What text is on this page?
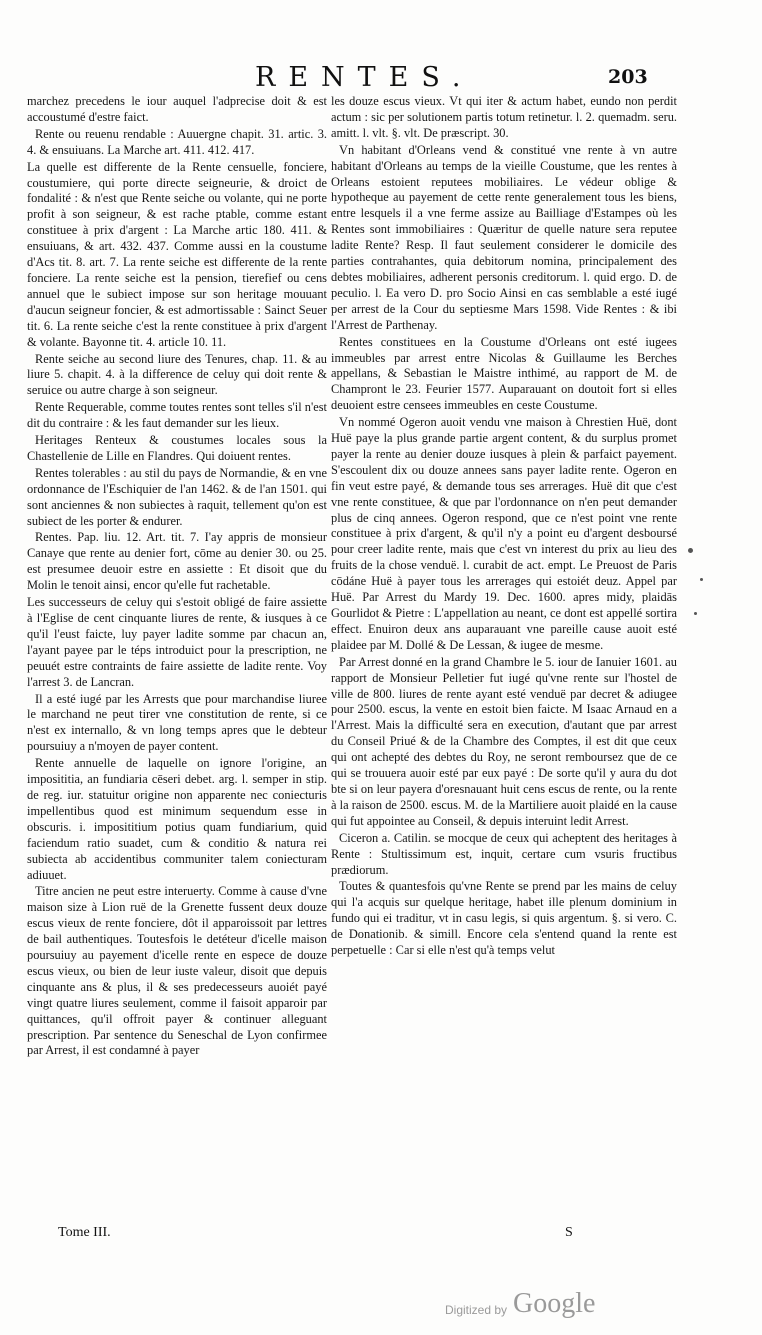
RENTES.	203

marchez precedens le iour auquel l'adprecise doit & est accoustumé d'estre faict.

Rente ou reuenu rendable : Auuergne chapit. 31. artic. 3. 4. & ensuiuans. La Marche art. 411. 412. 417.

La quelle est differente de la Rente censuelle, fonciere, coustumiere, qui porte directe seigneurie, & droict de fondalité : & n'est que Rente seiche ou volante, qui ne porte profit à son seigneur, & est rache ptable, comme estant constituee à prix d'argent : La Marche artic 180. 411. & ensuiuans, & art. 432. 437. Comme aussi en la coustume d'Acs tit. 8. art. 7. La rente seiche est differente de la rente fonciere. La rente seiche est la pension, tierefief ou cens annuel que le subiect impose sur son heritage mouuant d'aucun seigneur foncier, & est admortissable : Sainct Seuer tit. 6. La rente seiche c'est la rente constituee à prix d'argent & volante. Bayonne tit. 4. article 10. 11.

Rente seiche au second liure des Tenures, chap. 11. & au liure 5. chapit. 4. à la difference de celuy qui doit rente & seruice ou autre charge à son seigneur.

Rente Requerable, comme toutes rentes sont telles s'il n'est dit du contraire : & les faut demander sur les lieux.

Heritages Renteux & coustumes locales sous la Chastellenie de Lille en Flandres. Qui doiuent rentes.

Rentes tolerables : au stil du pays de Normandie, & en vne ordonnance de l'Eschiquier de l'an 1462. & de l'an 1501. qui sont anciennes & non subiectes à raquit, tellement qu'on est subiect de les porter & endurer.

Rentes. Pap. liu. 12. Art. tit. 7. I'ay appris de monsieur Canaye que rente au denier fort, cōme au denier 30. ou 25. est presumee deuoir estre en assiette : Et disoit que du Molin le tenoit ainsi, encor qu'elle fut rachetable.

Les successeurs de celuy qui s'estoit obligé de faire assiette à l'Eglise de cent cinquante liures de rente, & iusques à ce qu'il l'eust faicte, luy payer ladite somme par chacun an, l'ayant payee par le téps introduict pour la prescription, ne peuuét estre contraints de faire assiette de ladite rente. Voy l'arrest 3. de Lancran.

Il a esté iugé par les Arrests que pour marchandise liuree le marchand ne peut tirer vne constitution de rente, si ce n'est ex internallo, & vn long temps apres que le debteur poursuiuy a n'moyen de payer content.

Rente annuelle de laquelle on ignore l'origine, an imposititia, an fundiaria cēseri debet. arg. l. semper in stip. de reg. iur. statuitur origine non apparente nec coniecturis impellentibus quod est minimum sequendum esse in obscuris. i. imposititium potius quam fundiarium, quid faciendum ratio suadet, cum & conditio & natura rei subiecta ab accidentibus communiter talem coniecturam adiuuet.

Titre ancien ne peut estre interuerty. Comme à cause d'vne maison size à Lion ruë de la Grenette fussent deux douze escus vieux de rente fonciere, dôt il apparoissoit par lettres de bail authentiques. Toutesfois le detéteur d'icelle maison poursuiuy au payement d'icelle rente en espece de douze escus vieux, ou bien de leur iuste valeur, disoit que depuis cinquante ans & plus, il & ses predecesseurs auoiét payé vingt quatre liures seulement, comme il faisoit apparoir par quittances, qu'il offroit payer & continuer alleguant prescription. Par sentence du Seneschal de Lyon confirmee par Arrest, il est condamné à payer

les douze escus vieux. Vt qui iter & actum habet, eundo non perdit actum : sic per solutionem partis totum retinetur. l. 2. quemadm. seru. amitt. l. vlt. §. vlt. De præscript. 30.

Vn habitant d'Orleans vend & constitué vne rente à vn autre habitant d'Orleans au temps de la vieille Coustume, que les rentes à Orleans estoient reputees mobiliaires. Le védeur oblige & hypotheque au payement de cette rente generalement tous les biens, entre lesquels il a vne ferme assize au Bailliage d'Estampes où les Rentes sont immobiliaires : Quæritur de quelle nature sera reputee ladite Rente? Resp. Il faut seulement considerer le domicile des parties contrahantes, quia debitorum nomina, principalement des debtes mobiliaires, adherent personis creditorum. l. quid ergo. D. de peculio. l. Ea vero D. pro Socio Ainsi en cas semblable a esté iugé per arrest de la Cour du septiesme Mars 1598. Vide Rentes : & ibi l'Arrest de Parthenay.

Rentes constituees en la Coustume d'Orleans ont esté iugees immeubles par arrest entre Nicolas & Guillaume les Berches appellans, & Sebastian le Maistre inthimé, au rapport de M. de Champront le 23. Feurier 1577. Auparauant on doutoit fort si elles deuoient estre censees immeubles en ceste Coustume.

Vn nommé Ogeron auoit vendu vne maison à Chrestien Huë, dont Huë paye la plus grande partie argent content, & du surplus promet payer la rente au denier douze iusques à plein & parfaict payement. S'escoulent dix ou douze annees sans payer ladite rente. Ogeron en fin veut estre payé, & demande tous ses arrerages. Huë dit que c'est vne rente constituee, & que par l'ordonnance on n'en peut demander plus de cinq annees. Ogeron respond, que ce n'est point vne rente constituee à prix d'argent, & qu'il n'y a point eu d'argent desboursé pour creer ladite rente, mais que c'est vn interest du prix au lieu des fruits de la chose venduë. l. curabit de act. empt. Le Preuost de Paris cōdáne Huë à payer tous les arrerages qui estoiét deuz. Appel par Huë. Par Arrest du Mardy 19. Dec. 1600. apres midy, plaidās Gourlidot & Pietre : L'appellation au neant, ce dont est appellé sortira effect. Enuiron deux ans auparauant vne pareille cause auoit esté plaidee par M. Dollé & De Lessan, & iugee de mesme.

Par Arrest donné en la grand Chambre le 5. iour de Ianuier 1601. au rapport de Monsieur Pelletier fut iugé qu'vne rente sur l'hostel de ville de 800. liures de rente ayant esté venduë par decret & adiugee pour 2500. escus, la vente en estoit bien faicte. M Isaac Arnaud en a l'Arrest. Mais la difficulté sera en execution, d'autant que par arrest du Conseil Priué & de la Chambre des Comptes, il est dit que ceux qui ont achepté des debtes du Roy, ne seront remboursez que de ce qui se trouuera auoir esté par eux payé : De sorte qu'il y aura du dot bte si on leur payera d'oresnauant huit cens escus de rente, ou la rente à la raison de 2500. escus. M. de la Martiliere auoit plaidé en la cause qui fut appointee au Conseil, & depuis interuint ledit Arrest.

Ciceron a. Catilin. se mocque de ceux qui acheptent des heritages à Rente : Stultissimum est, inquit, certare cum vsuris fructibus prædiorum.

Toutes & quantesfois qu'vne Rente se prend par les mains de celuy qui l'a acquis sur quelque heritage, habet ille plenum dominium in fundo qui ei traditur, vt in casu legis, si quis argentum. §. si vero. C. de Donationib. & simill. Encore cela s'entend quand la rente est perpetuelle : Car si elle n'est qu'à temps velut

Tome III.	S
Digitized by Google
